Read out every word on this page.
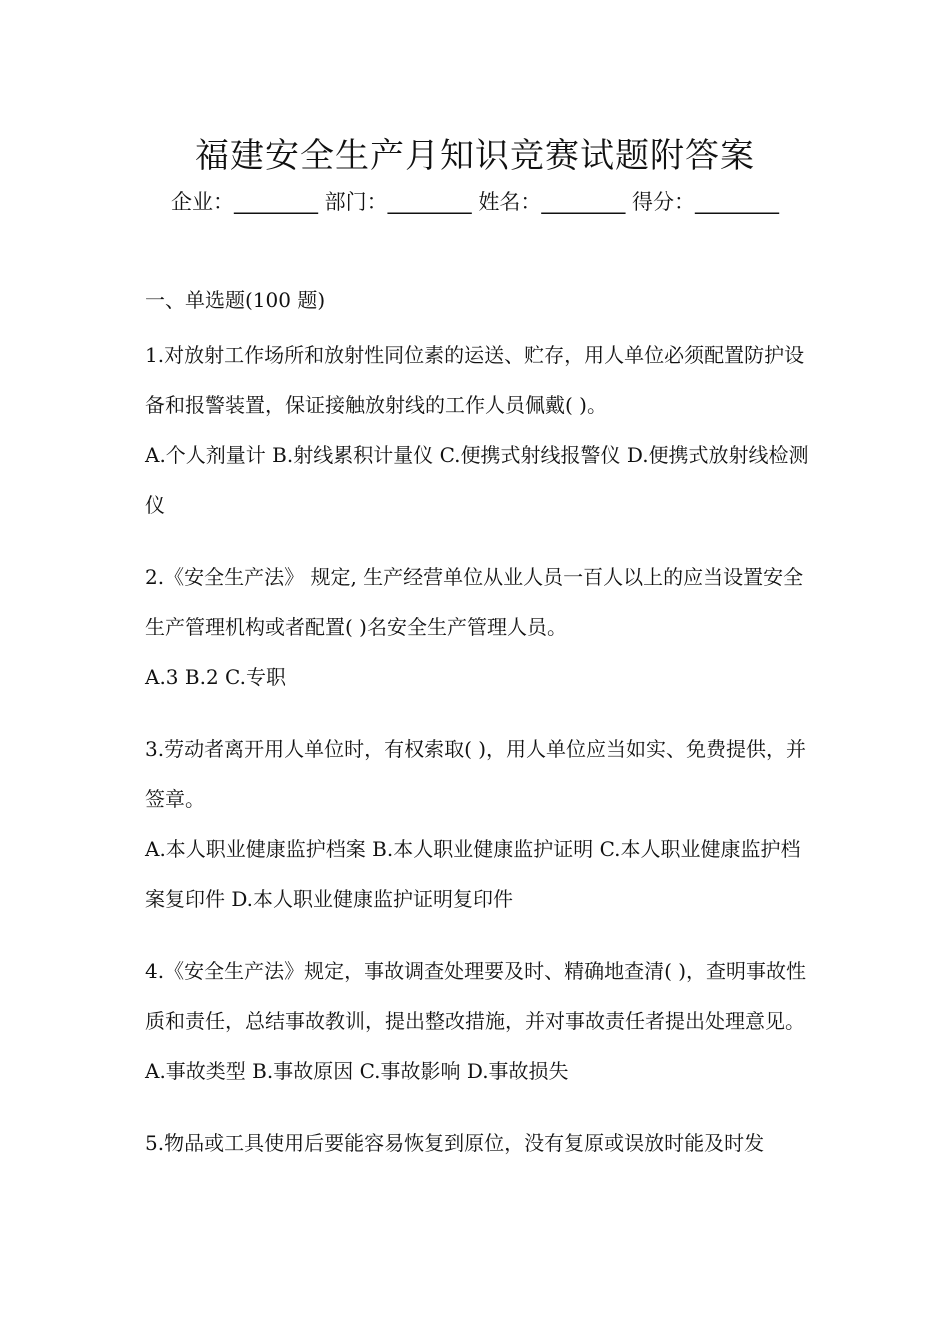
福建安全生产月知识竞赛试题附答案
企业：________ 部门：________ 姓名：________ 得分：________

一、单选题(100 题)

1.对放射工作场所和放射性同位素的运送、贮存，用人单位必须配置防护设备和报警装置，保证接触放射线的工作人员佩戴( )。

A.个人剂量计 B.射线累积计量仪 C.便携式射线报警仪 D.便携式放射线检测仪

2.《安全生产法》 规定, 生产经营单位从业人员一百人以上的应当设置安全生产管理机构或者配置( )名安全生产管理人员。

A.3 B.2 C.专职

3.劳动者离开用人单位时，有权索取( )，用人单位应当如实、免费提供，并签章。

A.本人职业健康监护档案 B.本人职业健康监护证明 C.本人职业健康监护档案复印件 D.本人职业健康监护证明复印件

4.《安全生产法》规定，事故调查处理要及时、精确地查清( )，查明事故性质和责任，总结事故教训，提出整改措施，并对事故责任者提出处理意见。

A.事故类型 B.事故原因 C.事故影响 D.事故损失

5.物品或工具使用后要能容易恢复到原位，没有复原或误放时能及时发
